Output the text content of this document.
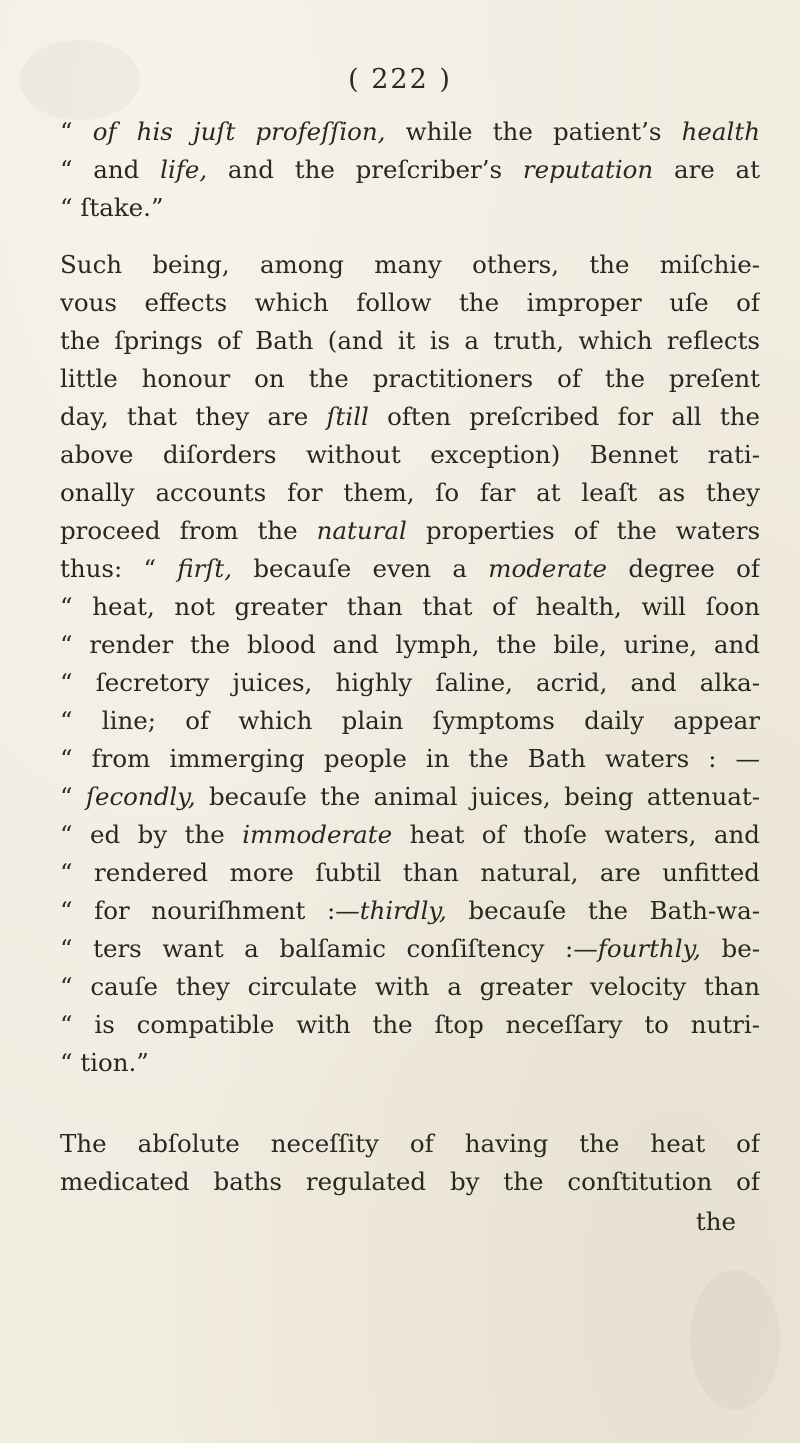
( 222 )
“ of his juſt profeſſion, while the patient’s health
“ and life, and the preſcriber’s reputation are at
“ ſtake.”
Such being, among many others, the miſchie-
vous effects which follow the improper uſe of
the ſprings of Bath (and it is a truth, which reflects
little honour on the practitioners of the preſent
day, that they are ſtill often preſcribed for all the
above diſorders without exception) Bennet rati-
onally accounts for them, ſo far at leaſt as they
proceed from the natural properties of the waters
thus: “ firſt, becauſe even a moderate degree of
“ heat, not greater than that of health, will ſoon
“ render the blood and lymph, the bile, urine, and
“ ſecretory juices, highly ſaline, acrid, and alka-
“ line; of which plain ſymptoms daily appear
“ from immerging people in the Bath waters : —
“ ſecondly, becauſe the animal juices, being attenuat-
“ ed by the immoderate heat of thoſe waters, and
“ rendered more ſubtil than natural, are unfitted
“ for nouriſhment :—thirdly, becauſe the Bath-wa-
“ ters want a balſamic conſiſtency :—fourthly, be-
“ cauſe they circulate with a greater velocity than
“ is compatible with the ſtop neceſſary to nutri-
“ tion.”
The abſolute neceſſity of having the heat of
medicated baths regulated by the conſtitution of
the
